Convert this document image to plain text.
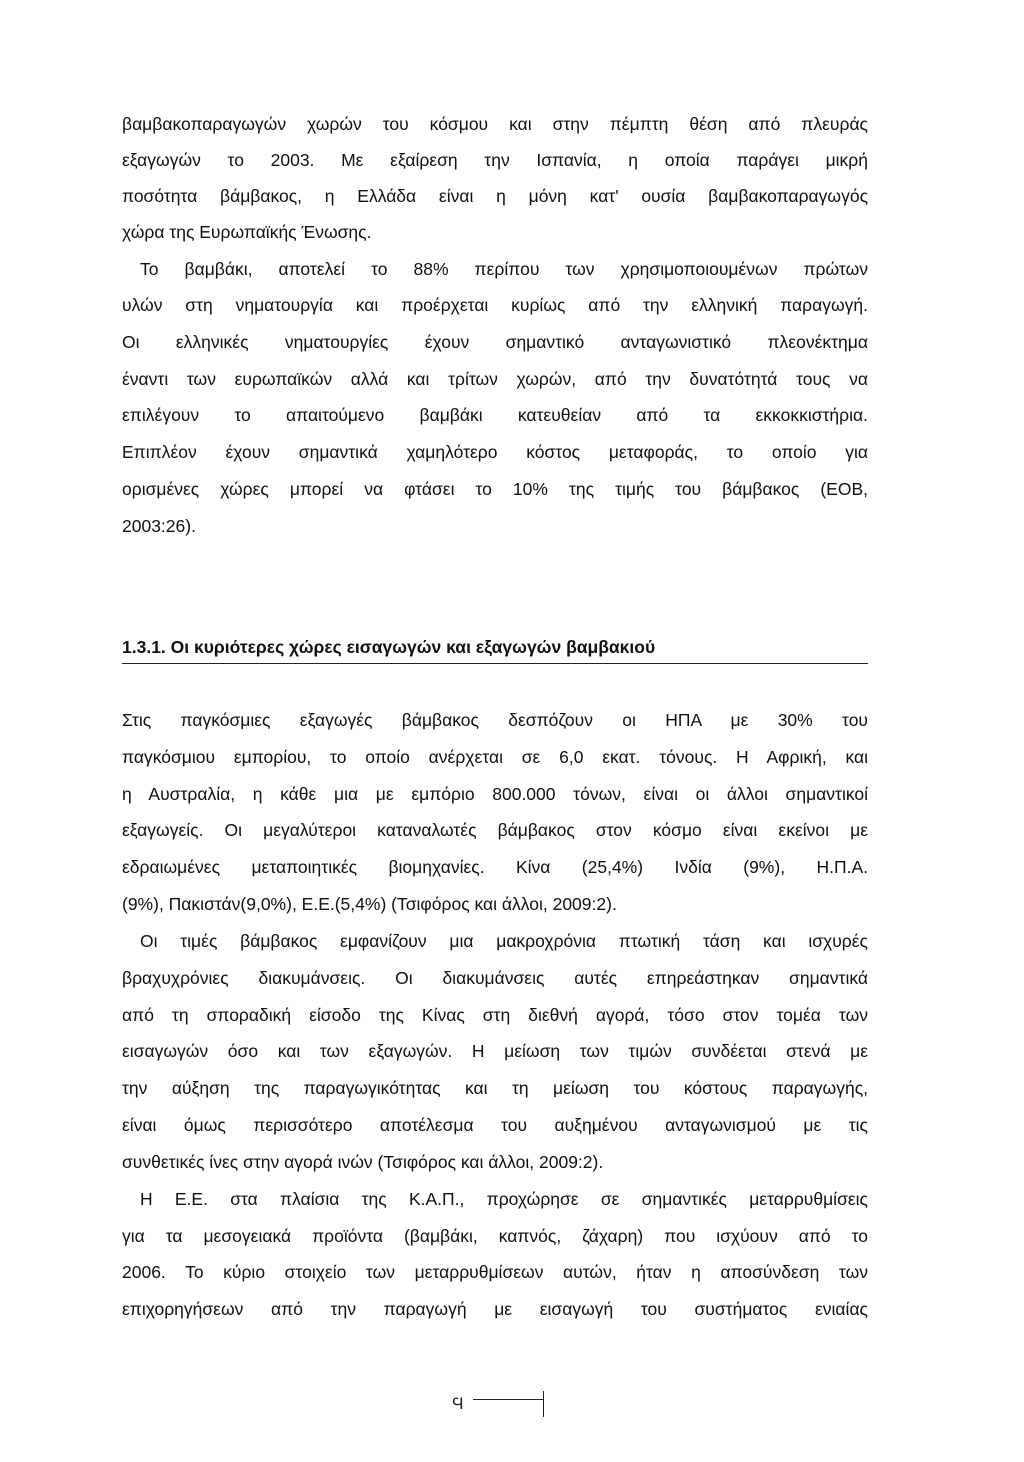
βαμβακοπαραγωγών χωρών του κόσμου και στην πέμπτη θέση από πλευράς
εξαγωγών το 2003. Με εξαίρεση την Ισπανία, η οποία παράγει μικρή
ποσότητα βάμβακος, η Ελλάδα είναι η μόνη κατ' ουσία βαμβακοπαραγωγός
χώρα της Ευρωπαϊκής Ένωσης.
Το βαμβάκι, αποτελεί το 88% περίπου των χρησιμοποιουμένων πρώτων
υλών στη νηματουργία και προέρχεται κυρίως από την ελληνική παραγωγή.
Οι ελληνικές νηματουργίες έχουν σημαντικό ανταγωνιστικό πλεονέκτημα
έναντι των ευρωπαϊκών αλλά και τρίτων χωρών, από την δυνατότητά τους να
επιλέγουν το απαιτούμενο βαμβάκι κατευθείαν από τα εκκοκκιστήρια.
Επιπλέον έχουν σημαντικά χαμηλότερο κόστος μεταφοράς, το οποίο για
ορισμένες χώρες μπορεί να φτάσει το 10% της τιμής του βάμβακος (ΕΟΒ,
2003:26).
1.3.1. Οι κυριότερες χώρες εισαγωγών και εξαγωγών βαμβακιού
Στις παγκόσμιες εξαγωγές βάμβακος δεσπόζουν οι ΗΠΑ με 30% του
παγκόσμιου εμπορίου, το οποίο ανέρχεται σε 6,0 εκατ. τόνους. Η Αφρική, και
η Αυστραλία, η κάθε μια με εμπόριο 800.000 τόνων, είναι οι άλλοι σημαντικοί
εξαγωγείς. Οι μεγαλύτεροι καταναλωτές βάμβακος στον κόσμο είναι εκείνοι με
εδραιωμένες μεταποιητικές βιομηχανίες. Κίνα (25,4%) Ινδία (9%), Η.Π.Α.
(9%), Πακιστάν(9,0%), Ε.Ε.(5,4%) (Τσιφόρος και άλλοι, 2009:2).
Οι τιμές βάμβακος εμφανίζουν μια μακροχρόνια πτωτική τάση και ισχυρές
βραχυχρόνιες διακυμάνσεις. Οι διακυμάνσεις αυτές επηρεάστηκαν σημαντικά
από τη σποραδική είσοδο της Κίνας στη διεθνή αγορά, τόσο στον τομέα των
εισαγωγών όσο και των εξαγωγών. Η μείωση των τιμών συνδέεται στενά με
την αύξηση της παραγωγικότητας και τη μείωση του κόστους παραγωγής,
είναι όμως περισσότερο αποτέλεσμα του αυξημένου ανταγωνισμού με τις
συνθετικές ίνες στην αγορά ινών (Τσιφόρος και άλλοι, 2009:2).
Η Ε.Ε. στα πλαίσια της Κ.Α.Π., προχώρησε σε σημαντικές μεταρρυθμίσεις
για τα μεσογειακά προϊόντα (βαμβάκι, καπνός, ζάχαρη) που ισχύουν από το
2006. Το κύριο στοιχείο των μεταρρυθμίσεων αυτών, ήταν η αποσύνδεση των
επιχορηγήσεων από την παραγωγή με εισαγωγή του συστήματος ενιαίας
Ϥ
